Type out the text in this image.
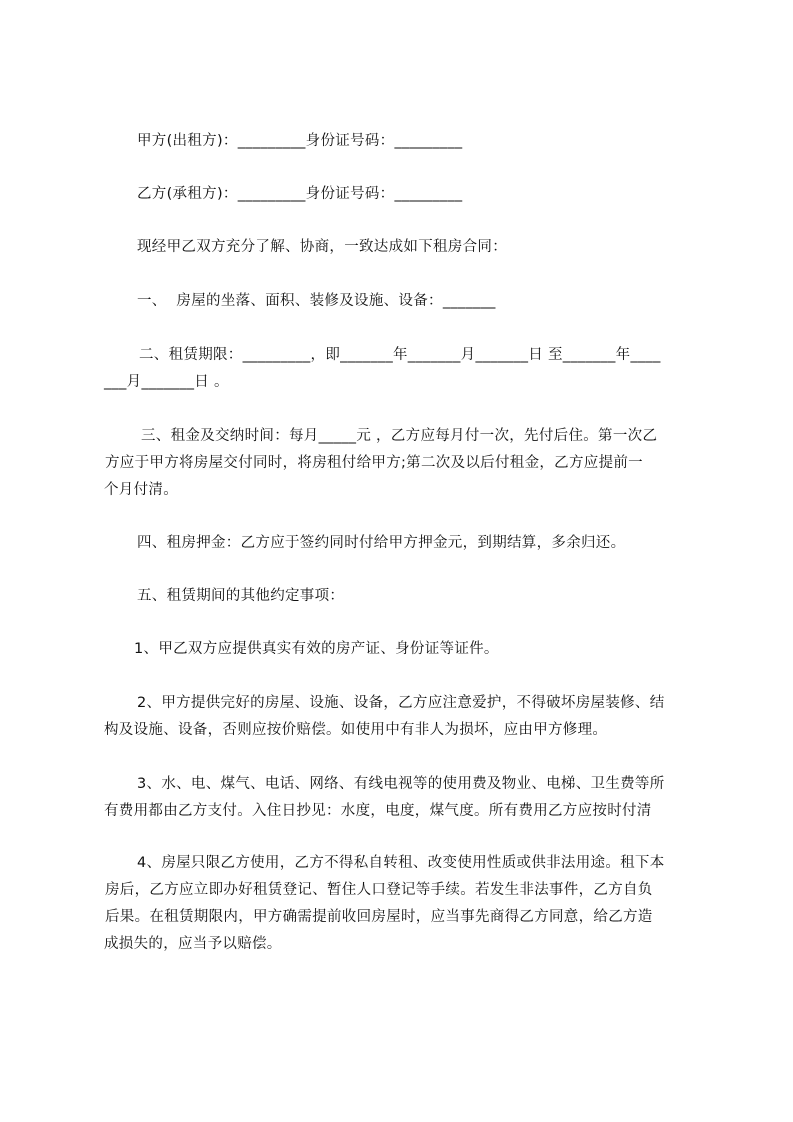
甲方(出租方)：_________身份证号码：_________
乙方(承租方)：_________身份证号码：_________
现经甲乙双方充分了解、协商，一致达成如下租房合同：
一、  房屋的坐落、面积、装修及设施、设备：_______
二、租赁期限：_________，即_______年_______月_______日 至_______年____
___月_______日 。
三、租金及交纳时间：每月_____元 ，乙方应每月付一次，先付后住。第一次乙
方应于甲方将房屋交付同时，将房租付给甲方;第二次及以后付租金，乙方应提前一
个月付清。
四、租房押金：乙方应于签约同时付给甲方押金元，到期结算，多余归还。
五、租赁期间的其他约定事项：
1、甲乙双方应提供真实有效的房产证、身份证等证件。
2、甲方提供完好的房屋、设施、设备，乙方应注意爱护，不得破坏房屋装修、结
构及设施、设备，否则应按价赔偿。如使用中有非人为损坏，应由甲方修理。
3、水、电、煤气、电话、网络、有线电视等的使用费及物业、电梯、卫生费等所
有费用都由乙方支付。入住日抄见：水度，电度，煤气度。所有费用乙方应按时付清
4、房屋只限乙方使用，乙方不得私自转租、改变使用性质或供非法用途。租下本
房后，乙方应立即办好租赁登记、暂住人口登记等手续。若发生非法事件，乙方自负
后果。在租赁期限内，甲方确需提前收回房屋时，应当事先商得乙方同意，给乙方造
成损失的，应当予以赔偿。
